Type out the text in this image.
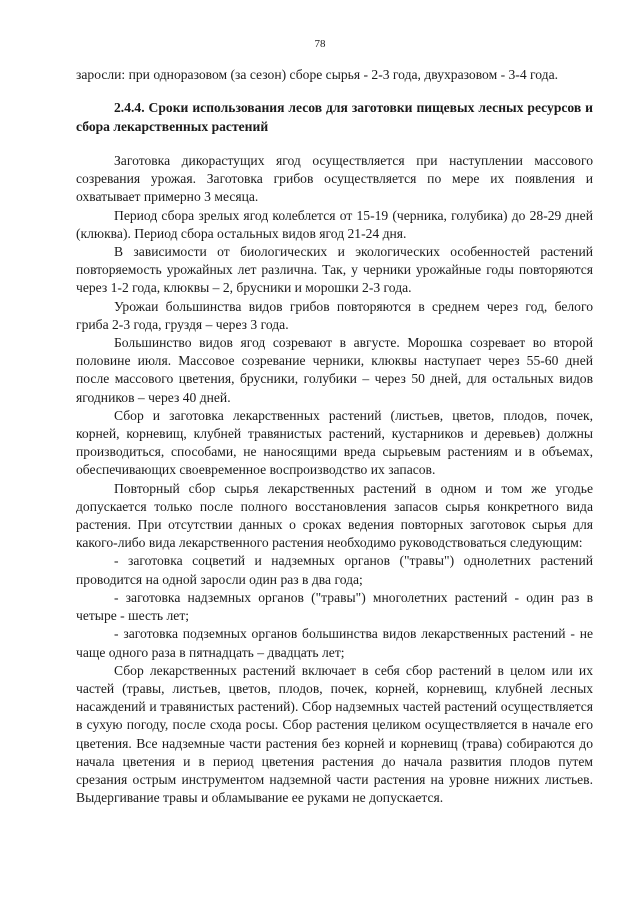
78

заросли: при одноразовом (за сезон) сборе сырья - 2-3 года, двухразовом - 3-4 года.

2.4.4. Сроки использования лесов для заготовки пищевых лесных ресурсов и сбора лекарственных растений

Заготовка дикорастущих ягод осуществляется при наступлении массового созревания урожая. Заготовка грибов осуществляется по мере их появления и охватывает примерно 3 месяца.

Период сбора зрелых ягод колеблется от 15-19 (черника, голубика) до 28-29 дней (клюква). Период сбора остальных видов ягод 21-24 дня.

В зависимости от биологических и экологических особенностей растений повторяемость урожайных лет различна. Так, у черники урожайные годы повторяются через 1-2 года, клюквы – 2, брусники и морошки 2-3 года.

Урожаи большинства видов грибов повторяются в среднем через год, белого гриба 2-3 года, груздя – через 3 года.

Большинство видов ягод созревают в августе. Морошка созревает во второй половине июля. Массовое созревание черники, клюквы наступает через 55-60 дней после массового цветения, брусники, голубики – через 50 дней, для остальных видов ягодников – через 40 дней.

Сбор и заготовка лекарственных растений (листьев, цветов, плодов, почек, корней, корневищ, клубней травянистых растений, кустарников и деревьев) должны производиться, способами, не наносящими вреда сырьевым растениям и в объемах, обеспечивающих своевременное воспроизводство их запасов.

Повторный сбор сырья лекарственных растений в одном и том же угодье допускается только после полного восстановления запасов сырья конкретного вида растения. При отсутствии данных о сроках ведения повторных заготовок сырья для какого-либо вида лекарственного растения необходимо руководствоваться следующим:

- заготовка соцветий и надземных органов ("травы") однолетних растений проводится на одной заросли один раз в два года;

- заготовка надземных органов ("травы") многолетних растений - один раз в четыре - шесть лет;

- заготовка подземных органов большинства видов лекарственных растений - не чаще одного раза в пятнадцать – двадцать лет;

Сбор лекарственных растений включает в себя сбор растений в целом или их частей (травы, листьев, цветов, плодов, почек, корней, корневищ, клубней лесных насаждений и травянистых растений). Сбор надземных частей растений осуществляется в сухую погоду, после схода росы. Сбор растения целиком осуществляется в начале его цветения. Все надземные части растения без корней и корневищ (трава) собираются до начала цветения и в период цветения растения до начала развития плодов путем срезания острым инструментом надземной части растения на уровне нижних листьев. Выдергивание травы и обламывание ее руками не допускается.
